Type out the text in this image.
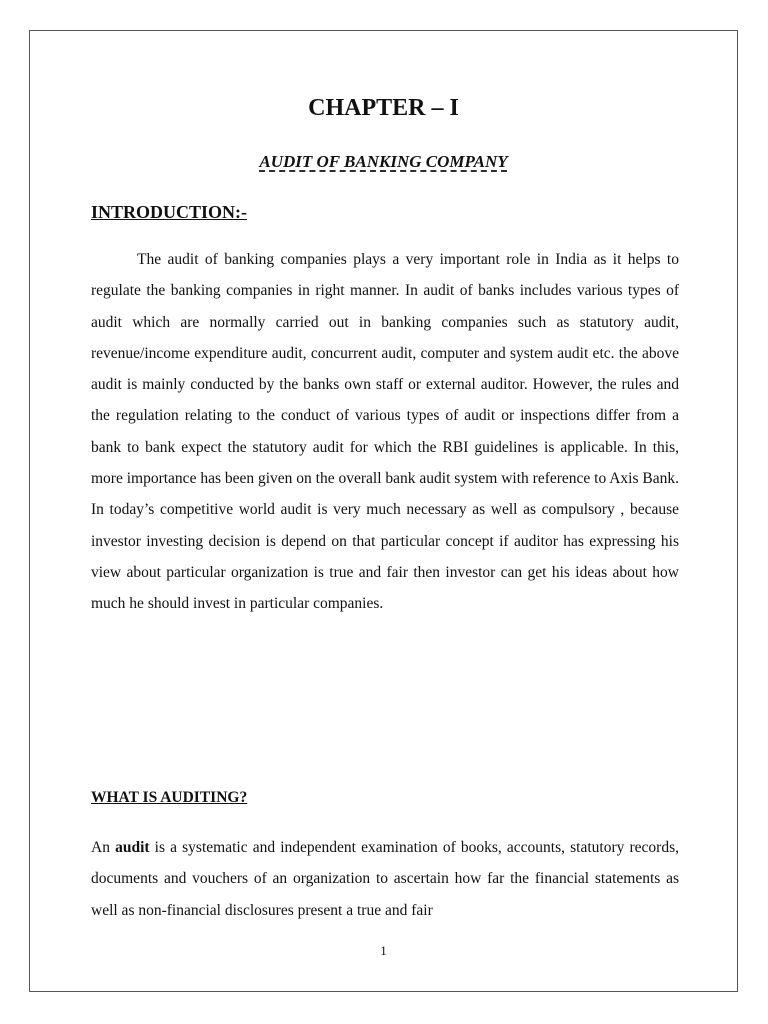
CHAPTER – I
AUDIT OF BANKING COMPANY
INTRODUCTION:-

The audit of banking companies plays a very important role in India as it helps to regulate the banking companies in right manner. In audit of banks includes various types of audit which are normally carried out in banking companies such as statutory audit, revenue/income expenditure audit, concurrent audit, computer and system audit etc. the above audit is mainly conducted by the banks own staff or external auditor. However, the rules and the regulation relating to the conduct of various types of audit or inspections differ from a bank to bank expect the statutory audit for which the RBI guidelines is applicable. In this, more importance has been given on the overall bank audit system with reference to Axis Bank. In today’s competitive world audit is very much necessary as well as compulsory , because investor investing decision is depend on that particular concept if auditor has expressing his view about particular organization is true and fair then investor can get his ideas about how much he should invest in particular companies.

WHAT IS AUDITING?

An audit is a systematic and independent examination of books, accounts, statutory records, documents and vouchers of an organization to ascertain how far the financial statements as well as non-financial disclosures present a true and fair

1
